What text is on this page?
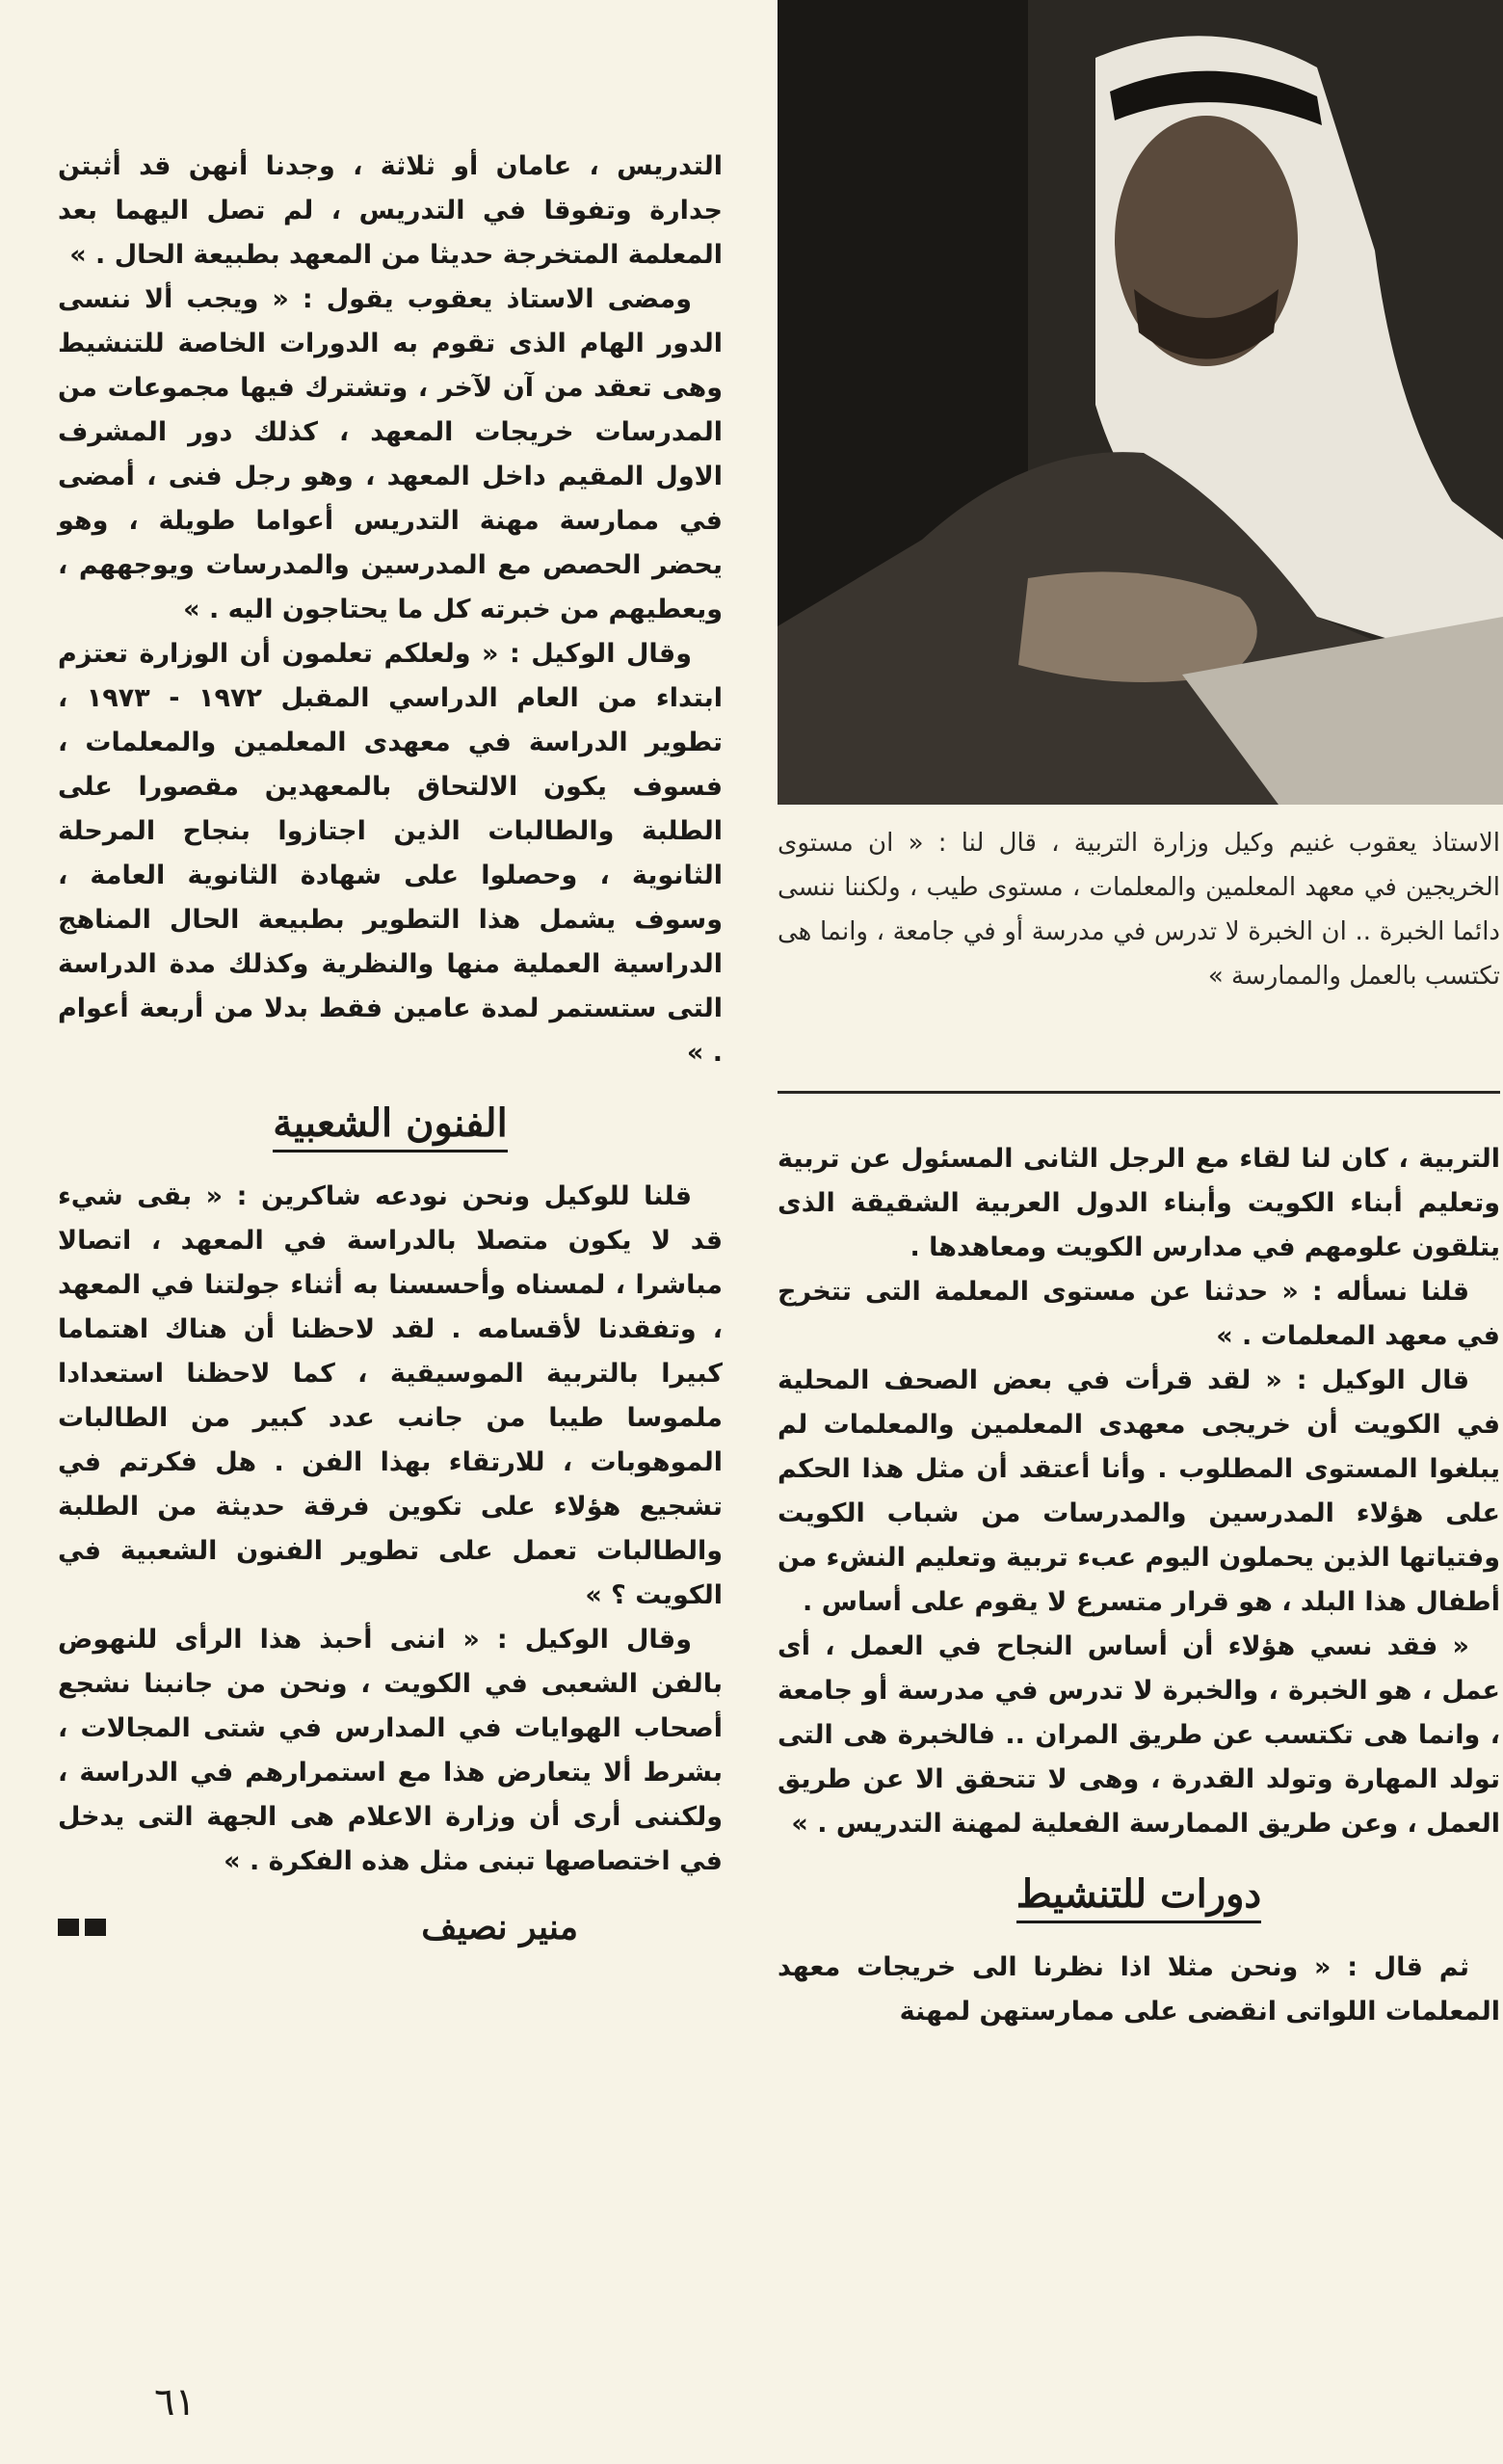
الاستاذ يعقوب غنيم وكيل وزارة التربية ، قال لنا : « ان مستوى الخريجين في معهد المعلمين والمعلمات ، مستوى طيب ، ولكننا ننسى دائما الخبرة .. ان الخبرة لا تدرس في مدرسة أو في جامعة ، وانما هى تكتسب بالعمل والممارسة »

التربية ، كان لنا لقاء مع الرجل الثانى المسئول عن تربية وتعليم أبناء الكويت وأبناء الدول العربية الشقيقة الذى يتلقون علومهم في مدارس الكويت ومعاهدها .

قلنا نسأله : « حدثنا عن مستوى المعلمة التى تتخرج في معهد المعلمات . »

قال الوكيل : « لقد قرأت في بعض الصحف المحلية في الكويت أن خريجى معهدى المعلمين والمعلمات لم يبلغوا المستوى المطلوب . وأنا أعتقد أن مثل هذا الحكم على هؤلاء المدرسين والمدرسات من شباب الكويت وفتياتها الذين يحملون اليوم عبء تربية وتعليم النشء من أطفال هذا البلد ، هو قرار متسرع لا يقوم على أساس .

« فقد نسي هؤلاء أن أساس النجاح في العمل ، أى عمل ، هو الخبرة ، والخبرة لا تدرس في مدرسة أو جامعة ، وانما هى تكتسب عن طريق المران .. فالخبرة هى التى تولد المهارة وتولد القدرة ، وهى لا تتحقق الا عن طريق العمل ، وعن طريق الممارسة الفعلية لمهنة التدريس . »

دورات للتنشيط

ثم قال : « ونحن مثلا اذا نظرنا الى خريجات معهد المعلمات اللواتى انقضى على ممارستهن لمهنة

التدريس ، عامان أو ثلاثة ، وجدنا أنهن قد أثبتن جدارة وتفوقا في التدريس ، لم تصل اليهما بعد المعلمة المتخرجة حديثا من المعهد بطبيعة الحال . »

ومضى الاستاذ يعقوب يقول : « ويجب ألا ننسى الدور الهام الذى تقوم به الدورات الخاصة للتنشيط وهى تعقد من آن لآخر ، وتشترك فيها مجموعات من المدرسات خريجات المعهد ، كذلك دور المشرف الاول المقيم داخل المعهد ، وهو رجل فنى ، أمضى في ممارسة مهنة التدريس أعواما طويلة ، وهو يحضر الحصص مع المدرسين والمدرسات ويوجههم ، ويعطيهم من خبرته كل ما يحتاجون اليه . »

وقال الوكيل : « ولعلكم تعلمون أن الوزارة تعتزم ابتداء من العام الدراسي المقبل ١٩٧٢ - ١٩٧٣ ، تطوير الدراسة في معهدى المعلمين والمعلمات ، فسوف يكون الالتحاق بالمعهدين مقصورا على الطلبة والطالبات الذين اجتازوا بنجاح المرحلة الثانوية ، وحصلوا على شهادة الثانوية العامة ، وسوف يشمل هذا التطوير بطبيعة الحال المناهج الدراسية العملية منها والنظرية وكذلك مدة الدراسة التى ستستمر لمدة عامين فقط بدلا من أربعة أعوام . »

الفنون الشعبية

قلنا للوكيل ونحن نودعه شاكرين : « بقى شيء قد لا يكون متصلا بالدراسة في المعهد ، اتصالا مباشرا ، لمسناه وأحسسنا به أثناء جولتنا في المعهد ، وتفقدنا لأقسامه . لقد لاحظنا أن هناك اهتماما كبيرا بالتربية الموسيقية ، كما لاحظنا استعدادا ملموسا طيبا من جانب عدد كبير من الطالبات الموهوبات ، للارتقاء بهذا الفن . هل فكرتم في تشجيع هؤلاء على تكوين فرقة حديثة من الطلبة والطالبات تعمل على تطوير الفنون الشعبية في الكويت ؟ »

وقال الوكيل : « اننى أحبذ هذا الرأى للنهوض بالفن الشعبى في الكويت ، ونحن من جانبنا نشجع أصحاب الهوايات في المدارس في شتى المجالات ، بشرط ألا يتعارض هذا مع استمرارهم في الدراسة ، ولكننى أرى أن وزارة الاعلام هى الجهة التى يدخل في اختصاصها تبنى مثل هذه الفكرة . »

منير نصيف
٦١
